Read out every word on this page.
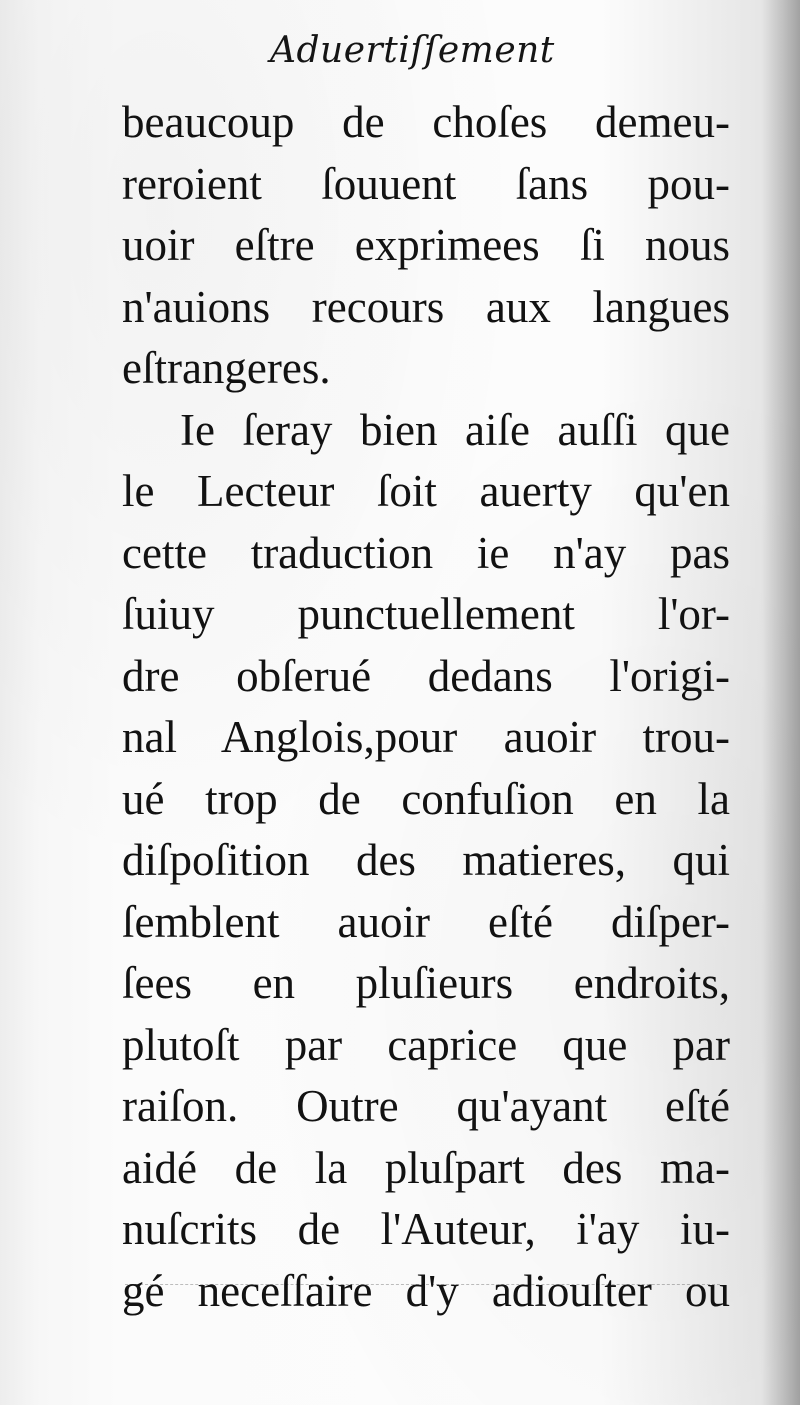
Aduertiſſement
beaucoup de choſes demeu-
reroient ſouuent ſans pou-
uoir eſtre exprimees ſi nous
n'auions recours aux langues
eſtrangeres.
Ie ſeray bien aiſe auſſi que
le Lecteur ſoit auerty qu'en
cette traduction ie n'ay pas
ſuiuy punctuellement l'or-
dre obſerué dedans l'origi-
nal Anglois,pour auoir trou-
ué trop de confuſion en la
diſpoſition des matieres, qui
ſemblent auoir eſté diſper-
ſees en pluſieurs endroits,
plutoſt par caprice que par
raiſon. Outre qu'ayant eſté
aidé de la pluſpart des ma-
nuſcrits de l'Auteur, i'ay iu-
gé neceſſaire d'y adiouſter ou
